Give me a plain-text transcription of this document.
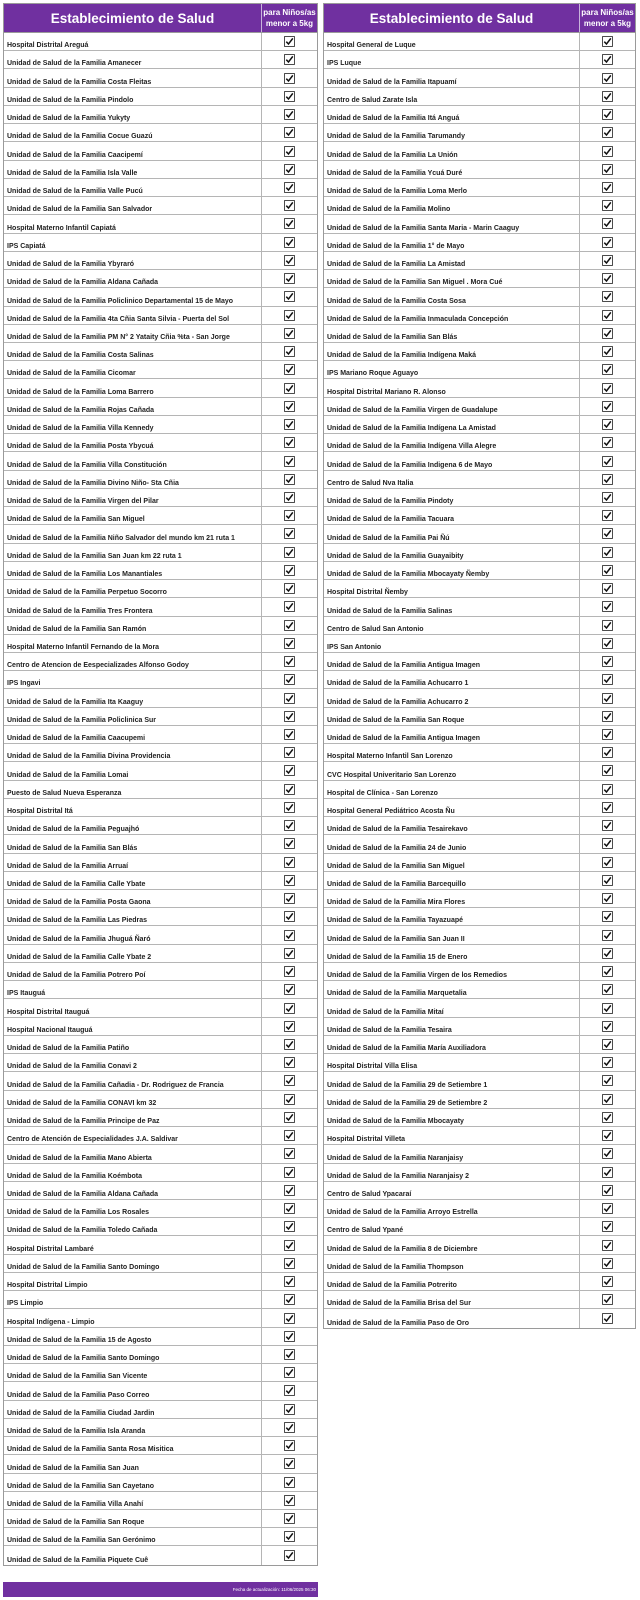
Establecimiento de Salud	para Niños/as
menor a 5kg
Hospital Distrital Areguá
Unidad de Salud de la Familia Amanecer
Unidad de Salud de la Familia Costa Fleitas
Unidad de Salud de la Familia Pindolo
Unidad de Salud de la Familia Yukyty
Unidad de Salud de la Familia Cocue Guazú
Unidad de Salud de la Familia Caacipemí
Unidad de Salud de la Familia Isla Valle
Unidad de Salud de la Familia Valle Pucú
Unidad de Salud de la Familia San Salvador
Hospital Materno Infantil Capiatá
IPS Capiatá
Unidad de Salud de la Familia Ybyraró
Unidad de Salud de la Familia Aldana Cañada
Unidad de Salud de la Familia Policlinico Departamental 15 de Mayo
Unidad de Salud de la Familia 4ta Cñia Santa Silvia - Puerta del Sol
Unidad de Salud de la Familia PM N° 2 Yataity Cñia %ta - San Jorge
Unidad de Salud de la Familia Costa Salinas
Unidad de Salud de la Familia Cicomar
Unidad de Salud de la Familia Loma Barrero
Unidad de Salud de la Familia Rojas Cañada
Unidad de Salud de la Familia Villa Kennedy
Unidad de Salud de la Familia Posta Ybycuá
Unidad de Salud de la Familia Villa Constitución
Unidad de Salud de la Familia Divino Niño- Sta Cñia
Unidad de Salud de la Familia Virgen del Pilar
Unidad de Salud de la Familia San Miguel
Unidad de Salud de la Familia Niño Salvador del mundo km 21 ruta 1
Unidad de Salud de la Familia San Juan km 22 ruta 1
Unidad de Salud de la Familia Los Manantiales
Unidad de Salud de la Familia Perpetuo Socorro
Unidad de Salud de la Familia Tres Frontera
Unidad de Salud de la Familia San Ramón
Hospital Materno Infantil Fernando de la Mora
Centro de Atencion de Eespecializades Alfonso Godoy
IPS Ingavi
Unidad de Salud de la Familia Ita Kaaguy
Unidad de Salud de la Familia Policlinica Sur
Unidad de Salud de la Familia Caacupemi
Unidad de Salud de la Familia Divina Providencia
Unidad de Salud de la Familia Lomai
Puesto de Salud Nueva Esperanza
Hospital Distrital Itá
Unidad de Salud de la Familia Peguajhó
Unidad de Salud de la Familia San Blás
Unidad de Salud de la Familia Arruaí
Unidad de Salud de la Familia Calle Ybate
Unidad de Salud de la Familia Posta Gaona
Unidad de Salud de la Familia Las Piedras
Unidad de Salud de la Familia Jhuguá Ñaró
Unidad de Salud de la Familia Calle Ybate 2
Unidad de Salud de la Familia Potrero Poí
IPS Itauguá
Hospital Distrital Itauguá
Hospital Nacional Itauguá
Unidad de Salud de la Familia Patiño
Unidad de Salud de la Familia Conavi 2
Unidad de Salud de la Familia Cañadia - Dr. Rodriguez de Francia
Unidad de Salud de la Familia CONAVI km 32
Unidad de Salud de la Familia Principe de Paz
Centro de Atención de Especialidades J.A. Saldivar
Unidad de Salud de la Familia Mano Abierta
Unidad de Salud de la Familia Koémbota
Unidad de Salud de la Familia Aldana Cañada
Unidad de Salud de la Familia Los Rosales
Unidad de Salud de la Familia Toledo Cañada
Hospital Distrital Lambaré
Unidad de Salud de la Familia Santo Domingo
Hospital Distrital Limpio
IPS Limpio
Hospital Indígena - Limpio
Unidad de Salud de la Familia 15 de Agosto
Unidad de Salud de la Familia Santo Domingo
Unidad de Salud de la Familia San Vicente
Unidad de Salud de la Familia Paso Correo
Unidad de Salud de la Familia Ciudad Jardin
Unidad de Salud de la Familia Isla Aranda
Unidad de Salud de la Familia Santa Rosa Misitica
Unidad de Salud de la Familia San Juan
Unidad de Salud de la Familia San Cayetano
Unidad de Salud de la Familia Villa Anahí
Unidad de Salud de la Familia San Roque
Unidad de Salud de la Familia San Gerónimo
Unidad de Salud de la Familia Piquete Cuê
Establecimiento de Salud	para Niños/as
menor a 5kg
Hospital General de Luque
IPS Luque
Unidad de Salud de la Familia Itapuamí
Centro de Salud Zarate Isla
Unidad de Salud de la Familia Itá Anguá
Unidad de Salud de la Familia Tarumandy
Unidad de Salud de la Familia La Unión
Unidad de Salud de la Familia Ycuá Duré
Unidad de Salud de la Familia Loma Merlo
Unidad de Salud de la Familia Molino
Unidad de Salud de la Familia Santa Maria - Marin Caaguy
Unidad de Salud de la Familia 1° de Mayo
Unidad de Salud de la Familia La Amistad
Unidad de Salud de la Familia San Miguel . Mora Cué
Unidad de Salud de la Familia Costa Sosa
Unidad de Salud de la Familia Inmaculada Concepción
Unidad de Salud de la Familia San Blás
Unidad de Salud de la Familia Indígena Maká
IPS Mariano Roque Aguayo
Hospital Distrital Mariano R. Alonso
Unidad de Salud de la Familia Virgen de Guadalupe
Unidad de Salud de la Familia Indígena La Amistad
Unidad de Salud de la Familia Indígena Villa Alegre
Unidad de Salud de la Familia Indigena 6 de Mayo
Centro de Salud Nva Italia
Unidad de Salud de la Familia Pindoty
Unidad de Salud de la Familia Tacuara
Unidad de Salud de la Familia Pai Ñú
Unidad de Salud de la Familia Guayaibity
Unidad de Salud de la Familia Mbocayaty Ñemby
Hospital Distrital Ñemby
Unidad de Salud de la Familia Salinas
Centro de Salud San Antonio
IPS San Antonio
Unidad de Salud de la Familia Antigua Imagen
Unidad de Salud de la Familia Achucarro 1
Unidad de Salud de la Familia Achucarro 2
Unidad de Salud de la Familia San Roque
Unidad de Salud de la Familia Antigua Imagen
Hospital Materno Infantil San Lorenzo
CVC Hospital Univeritario San Lorenzo
Hospital de Clínica - San Lorenzo
Hospital General Pediátrico Acosta Ñu
Unidad de Salud de la Familia Tesairekavo
Unidad de Salud de la Familia 24 de Junio
Unidad de Salud de la Familia San Miguel
Unidad de Salud de la Familia Barcequillo
Unidad de Salud de la Familia Mira Flores
Unidad de Salud de la Familia Tayazuapé
Unidad de Salud de la Familia San Juan II
Unidad de Salud de la Familia 15 de Enero
Unidad de Salud de la Familia Virgen de los Remedios
Unidad de Salud de la Familia Marquetalia
Unidad de Salud de la Familia Mitaí
Unidad de Salud de la Familia Tesaira
Unidad de Salud de la Familia María Auxiliadora
Hospital Distrital Villa Elisa
Unidad de Salud de la Familia 29 de Setiembre 1
Unidad de Salud de la Familia 29 de Setiembre 2
Unidad de Salud de la Familia Mbocayaty
Hospital Distrital Villeta
Unidad de Salud de la Familia Naranjaisy
Unidad de Salud de la Familia Naranjaisy 2
Centro de Salud Ypacaraí
Unidad de Salud de la Familia Arroyo Estrella
Centro de Salud Ypané
Unidad de Salud de la Familia 8 de Diciembre
Unidad de Salud de la Familia Thompson
Unidad de Salud de la Familia Potrerito
Unidad de Salud de la Familia Brisa del Sur
Unidad de Salud de la Familia Paso de Oro
Fecha de actualización: 11/06/2025 06:30
